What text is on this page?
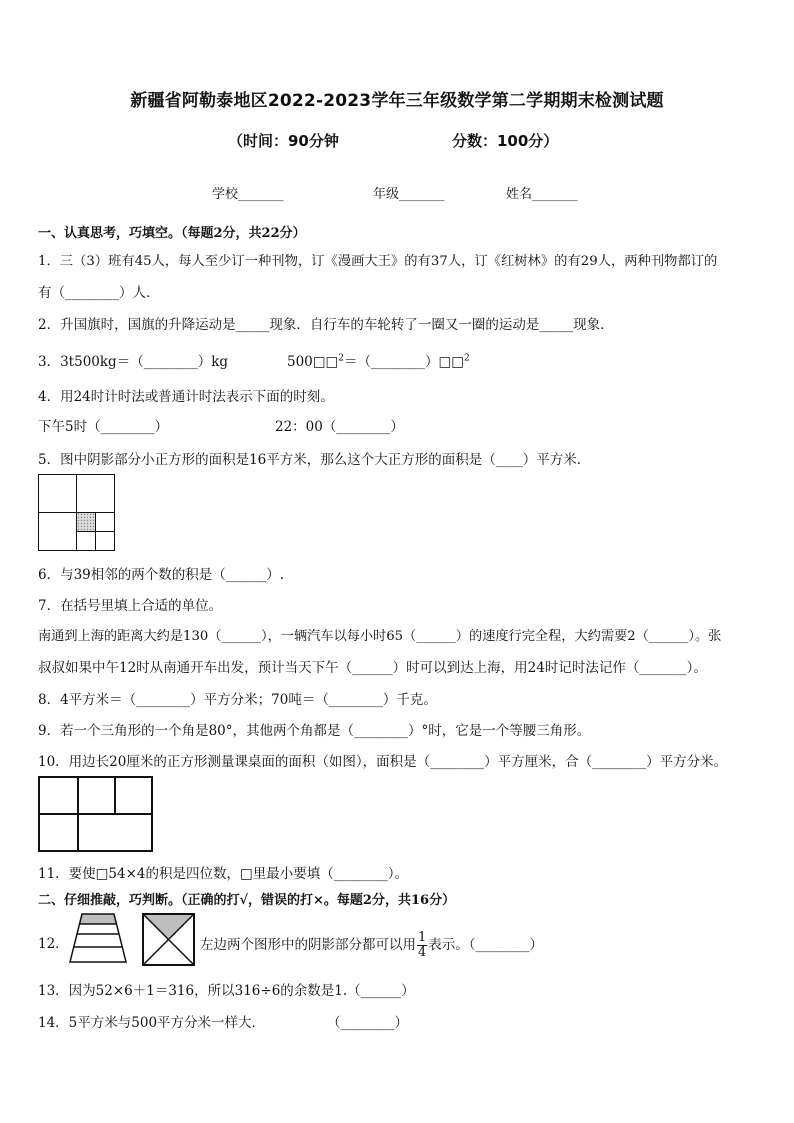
新疆省阿勒泰地区2022-2023学年三年级数学第二学期期末检测试题
（时间：90分钟	分数：100分）
学校_______	年级_______	姓名_______
一、认真思考，巧填空。（每题2分，共22分）
1．三（3）班有45人，每人至少订一种刊物，订《漫画大王》的有37人，订《红树林》的有29人，两种刊物都订的
有（________）人．
2．升国旗时，国旗的升降运动是_____现象．自行车的车轮转了一圈又一圈的运动是_____现象．
3．3t500kg＝（________）kg	500□□$^2$＝（________）□□$^2$
4．用24时计时法或普通计时法表示下面的时刻。
下午5时（________）	22：00（________）
5．图中阴影部分小正方形的面积是16平方米，那么这个大正方形的面积是（____）平方米．
6．与39相邻的两个数的积是（______）.
7．在括号里填上合适的单位。
南通到上海的距离大约是130（______），一辆汽车以每小时65（______）的速度行完全程，大约需要2（______）。张
叔叔如果中午12时从南通开车出发，预计当天下午（______）时可以到达上海，用24时记时法记作（_______）。
8．4平方米＝（________）平方分米；70吨＝（________）千克。
9．若一个三角形的一个角是80°，其他两个角都是（________）°时，它是一个等腰三角形。
10．用边长20厘米的正方形测量课桌面的面积（如图），面积是（________）平方厘米，合（________）平方分米。
11．要使□54×4的积是四位数，□里最小要填（________）。
二、仔细推敲，巧判断。（正确的打√，错误的打×。每题2分，共16分）
12．	左边两个图形中的阴影部分都可以用 $\frac{1}{4}$ 表示。（________）
13．因为52×6＋1＝316，所以316÷6的余数是1.（______）
14．5平方米与500平方分米一样大．	（________）
